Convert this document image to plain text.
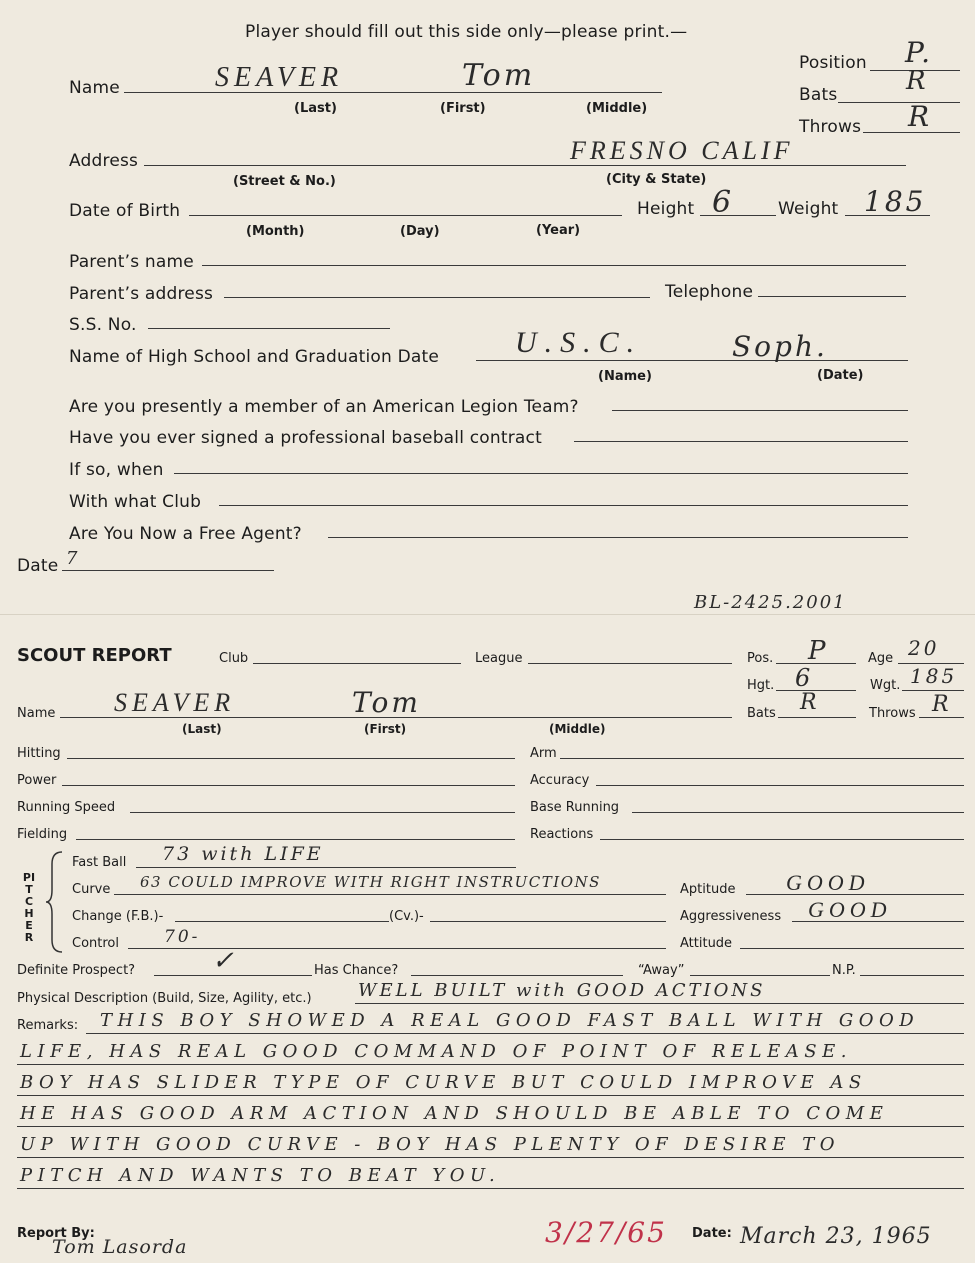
Player should fill out this side only—please print.—
Name	SEAVER	Tom
(Last)	(First)	(Middle)
Position P.
Bats	R
Throws R
Address	FRESNO CALIF
(Street & No.)	(City & State)
Date of Birth
(Month)	(Day)	(Year)
Height 6	Weight 185
Parent’s name
Parent’s address	Telephone
S.S. No.
Name of High School and Graduation Date	U.S.C.	Soph.
(Name)	(Date)
Are you presently a member of an American Legion Team?
Have you ever signed a professional baseball contract
If so, when
With what Club
Are You Now a Free Agent?
Date 7
BL-2425.2001
SCOUT REPORT	Club	League	Pos. P	Age 20
Hgt. 6	Wgt. 185
Name SEAVER	Tom
(Last)	(First)	(Middle)
Bats R	Throws R
Hitting	Arm
Power	Accuracy
Running Speed	Base Running
Fielding	Reactions
PITCHER
Fast Ball 73 with LIFE
Curve 63 COULD IMPROVE WITH RIGHT INSTRUCTIONS	Aptitude GOOD
Change (F.B.)-	(Cv.)-	Aggressiveness GOOD
Control	70-	Attitude
Definite Prospect?	✓	Has Chance?	“Away”	N.P.
Physical Description (Build, Size, Agility, etc.)	WELL BUILT with GOOD ACTIONS
Remarks: THIS BOY SHOWED A REAL GOOD FAST BALL WITH GOOD
LIFE, HAS REAL GOOD COMMAND OF POINT OF RELEASE.
BOY HAS SLIDER TYPE OF CURVE BUT COULD IMPROVE AS
HE HAS GOOD ARM ACTION AND SHOULD BE ABLE TO COME
UP WITH GOOD CURVE - BOY HAS PLENTY OF DESIRE TO
PITCH AND WANTS TO BEAT YOU.
Report By:
Tom Lasorda	3/27/65 Date: March 23, 1965
